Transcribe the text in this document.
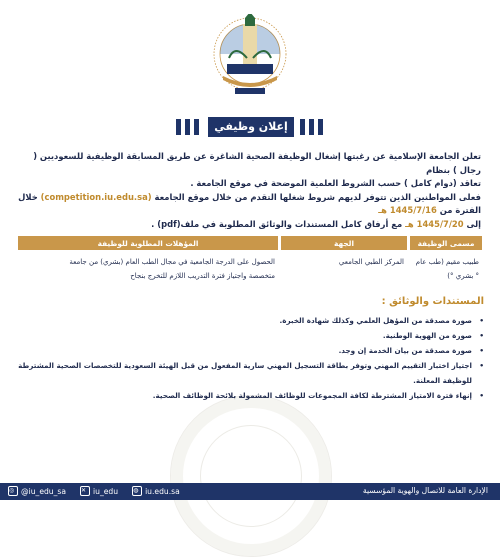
إعلان وظيفي

تعلن الجامعة الإسلامية عن رغبتها إشغال الوظيفة الصحية الشاغرة عن طريق المسابقة الوظيفية للسعوديين ( رجال ) بنظام

تعاقد (دوام كامل ) حسب الشروط العلمية الموضحة في موقع الجامعة .

فعلى المواطنين الذين تتوفر لديهم شروط شغلها التقدم من خلال موقع الجامعة (competition.iu.edu.sa) خلال الفترة من 1445/7/16 هـ

إلى 1445/7/20 هـ مع أرفاق كامل المستندات والوثائق المطلوبة في ملف(pdf) .

مسمى الوظيفة	الجهة	المؤهلات المطلوبة للوظيفة
طبيب مقيم (طب عام ° بشري °)	المركز الطبي الجامعي	الحصول على الدرجة الجامعية في مجال الطب العام (بشري) من جامعة
متخصصة واجتياز فترة التدريب اللازم للتخرج بنجاح
المستندات والوثائق :
• صورة مصدقة من المؤهل العلمي وكذلك شهادة الخبرة.
• صورة من الهوية الوطنية.
• صورة مصدقة من بيان الخدمة إن وجد.
• اجتياز اختبار التقييم المهني وتوفر بطاقة التسجيل المهني سارية المفعول من قبل الهيئة السعودية للتخصصات الصحية المشترطة للوظيفة المعلنة.
• إنهاء فترة الامتياز المشترطة لكافة المجموعات للوظائف المشمولة بلائحة الوظائف الصحية.
الإدارة العامة للاتصال والهوية المؤسسية
◎ @iu_edu_sa	✕ iu_edu	◍ iu.edu.sa
